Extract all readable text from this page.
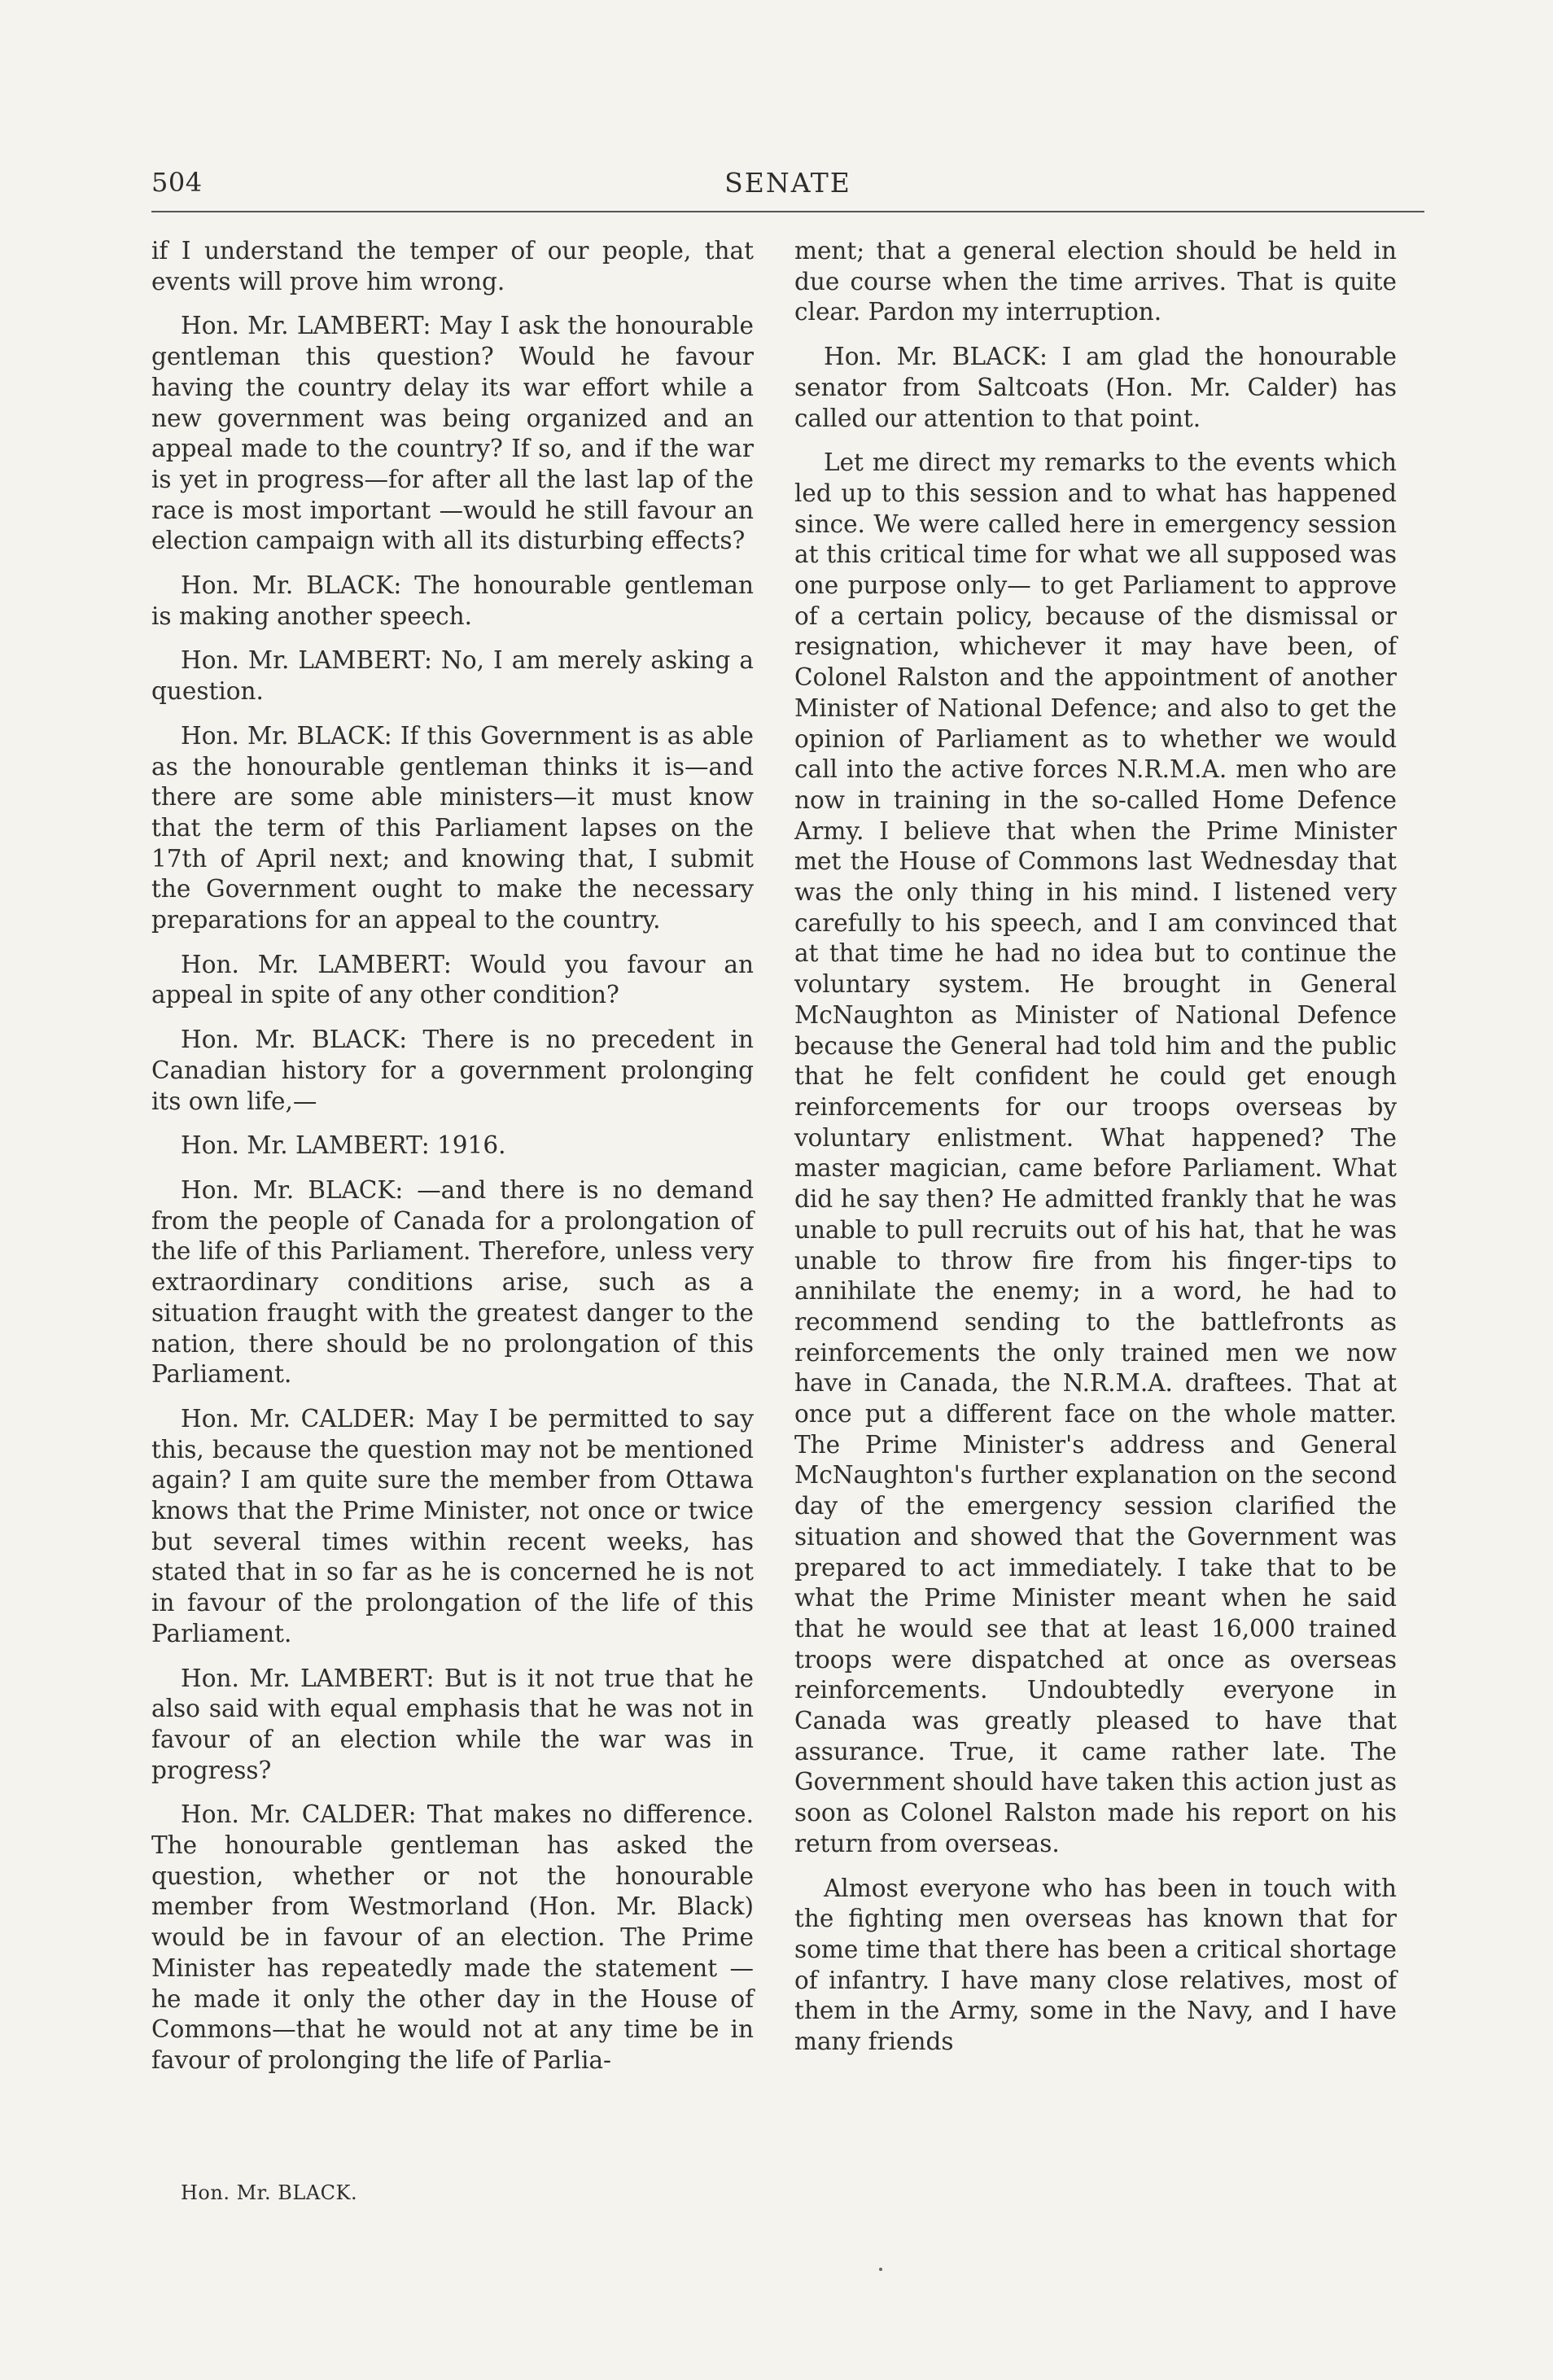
504	SENATE

if I understand the temper of our people, that events will prove him wrong.

Hon. Mr. LAMBERT: May I ask the honourable gentleman this question? Would he favour having the country delay its war effort while a new government was being organized and an appeal made to the country? If so, and if the war is yet in progress—for after all the last lap of the race is most important —would he still favour an election campaign with all its disturbing effects?

Hon. Mr. BLACK: The honourable gentleman is making another speech.

Hon. Mr. LAMBERT: No, I am merely asking a question.

Hon. Mr. BLACK: If this Government is as able as the honourable gentleman thinks it is—and there are some able ministers—it must know that the term of this Parliament lapses on the 17th of April next; and knowing that, I submit the Government ought to make the necessary preparations for an appeal to the country.

Hon. Mr. LAMBERT: Would you favour an appeal in spite of any other condition?

Hon. Mr. BLACK: There is no precedent in Canadian history for a government prolonging its own life,—

Hon. Mr. LAMBERT: 1916.

Hon. Mr. BLACK: —and there is no demand from the people of Canada for a prolongation of the life of this Parliament. Therefore, unless very extraordinary conditions arise, such as a situation fraught with the greatest danger to the nation, there should be no prolongation of this Parliament.

Hon. Mr. CALDER: May I be permitted to say this, because the question may not be mentioned again? I am quite sure the member from Ottawa knows that the Prime Minister, not once or twice but several times within recent weeks, has stated that in so far as he is concerned he is not in favour of the prolongation of the life of this Parliament.

Hon. Mr. LAMBERT: But is it not true that he also said with equal emphasis that he was not in favour of an election while the war was in progress?

Hon. Mr. CALDER: That makes no difference. The honourable gentleman has asked the question, whether or not the honourable member from Westmorland (Hon. Mr. Black) would be in favour of an election. The Prime Minister has repeatedly made the statement —he made it only the other day in the House of Commons—that he would not at any time be in favour of prolonging the life of Parlia-

ment; that a general election should be held in due course when the time arrives. That is quite clear. Pardon my interruption.

Hon. Mr. BLACK: I am glad the honourable senator from Saltcoats (Hon. Mr. Calder) has called our attention to that point.

Let me direct my remarks to the events which led up to this session and to what has happened since. We were called here in emergency session at this critical time for what we all supposed was one purpose only— to get Parliament to approve of a certain policy, because of the dismissal or resignation, whichever it may have been, of Colonel Ralston and the appointment of another Minister of National Defence; and also to get the opinion of Parliament as to whether we would call into the active forces N.R.M.A. men who are now in training in the so-called Home Defence Army. I believe that when the Prime Minister met the House of Commons last Wednesday that was the only thing in his mind. I listened very carefully to his speech, and I am convinced that at that time he had no idea but to continue the voluntary system. He brought in General McNaughton as Minister of National Defence because the General had told him and the public that he felt confident he could get enough reinforcements for our troops overseas by voluntary enlistment. What happened? The master magician, came before Parliament. What did he say then? He admitted frankly that he was unable to pull recruits out of his hat, that he was unable to throw fire from his finger-tips to annihilate the enemy; in a word, he had to recommend sending to the battlefronts as reinforcements the only trained men we now have in Canada, the N.R.M.A. draftees. That at once put a different face on the whole matter. The Prime Minister's address and General McNaughton's further explanation on the second day of the emergency session clarified the situation and showed that the Government was prepared to act immediately. I take that to be what the Prime Minister meant when he said that he would see that at least 16,000 trained troops were dispatched at once as overseas reinforcements. Undoubtedly everyone in Canada was greatly pleased to have that assurance. True, it came rather late. The Government should have taken this action just as soon as Colonel Ralston made his report on his return from overseas.

Almost everyone who has been in touch with the fighting men overseas has known that for some time that there has been a critical shortage of infantry. I have many close relatives, most of them in the Army, some in the Navy, and I have many friends

Hon. Mr. BLACK.
